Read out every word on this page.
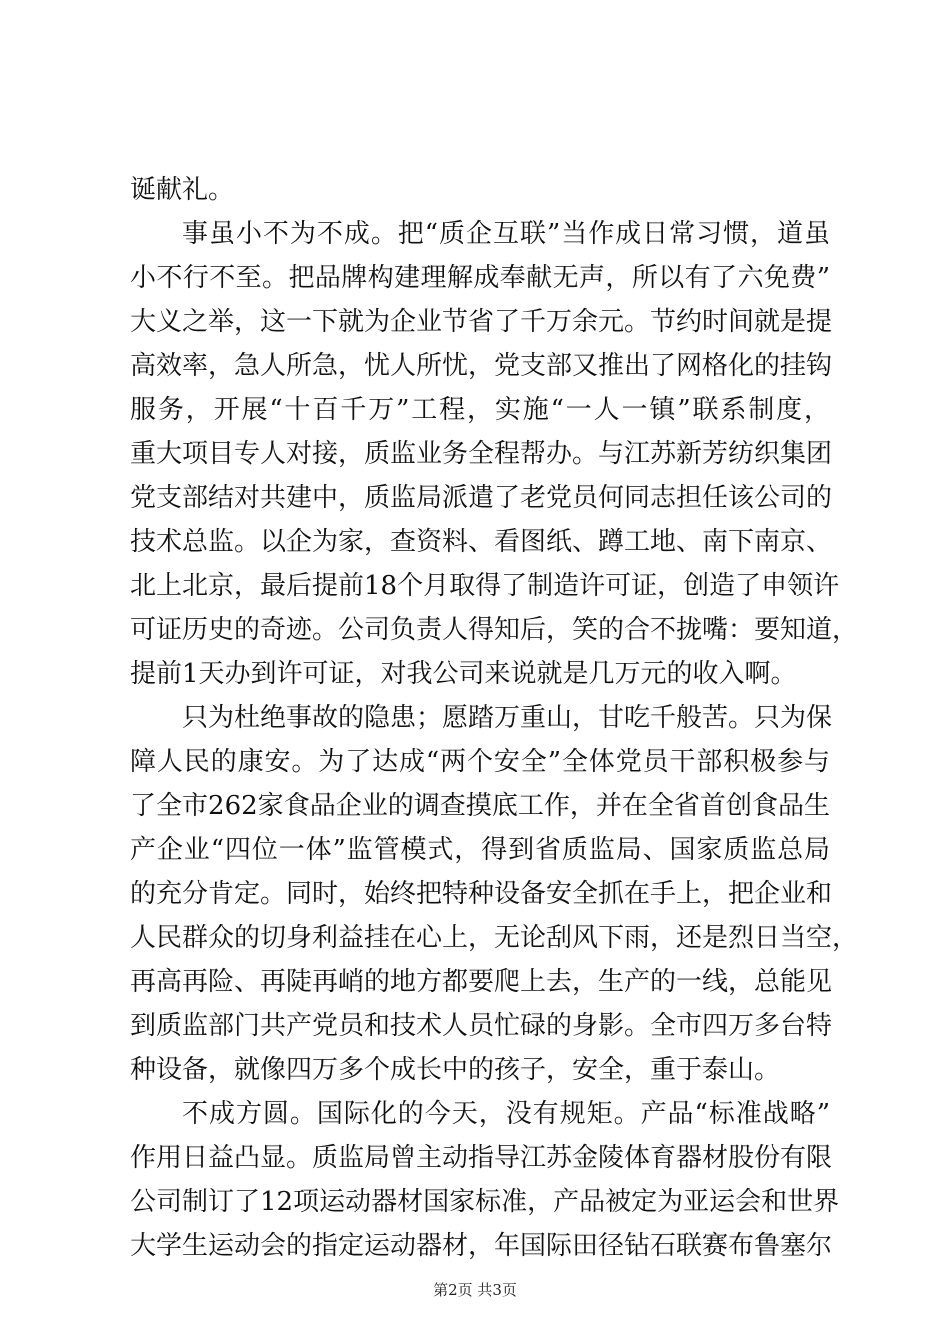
诞献礼。
事虽小不为不成。把“质企互联”当作成日常习惯，道虽
小不行不至。把品牌构建理解成奉献无声，所以有了六免费”
大义之举，这一下就为企业节省了千万余元。节约时间就是提
高效率，急人所急，忧人所忧，党支部又推出了网格化的挂钩
服务，开展“十百千万”工程，实施“一人一镇”联系制度，
重大项目专人对接，质监业务全程帮办。与江苏新芳纺织集团
党支部结对共建中，质监局派遣了老党员何同志担任该公司的
技术总监。以企为家，查资料、看图纸、蹲工地、南下南京、
北上北京，最后提前18个月取得了制造许可证，创造了申领许
可证历史的奇迹。公司负责人得知后，笑的合不拢嘴：要知道，
提前1天办到许可证，对我公司来说就是几万元的收入啊。
只为杜绝事故的隐患；愿踏万重山，甘吃千般苦。只为保
障人民的康安。为了达成“两个安全”全体党员干部积极参与
了全市262家食品企业的调查摸底工作，并在全省首创食品生
产企业“四位一体”监管模式，得到省质监局、国家质监总局
的充分肯定。同时，始终把特种设备安全抓在手上，把企业和
人民群众的切身利益挂在心上，无论刮风下雨，还是烈日当空，
再高再险、再陡再峭的地方都要爬上去，生产的一线，总能见
到质监部门共产党员和技术人员忙碌的身影。全市四万多台特
种设备，就像四万多个成长中的孩子，安全，重于泰山。
不成方圆。国际化的今天，没有规矩。产品“标准战略”
作用日益凸显。质监局曾主动指导江苏金陵体育器材股份有限
公司制订了12项运动器材国家标准，产品被定为亚运会和世界
大学生运动会的指定运动器材，年国际田径钻石联赛布鲁塞尔
第2页 共3页
